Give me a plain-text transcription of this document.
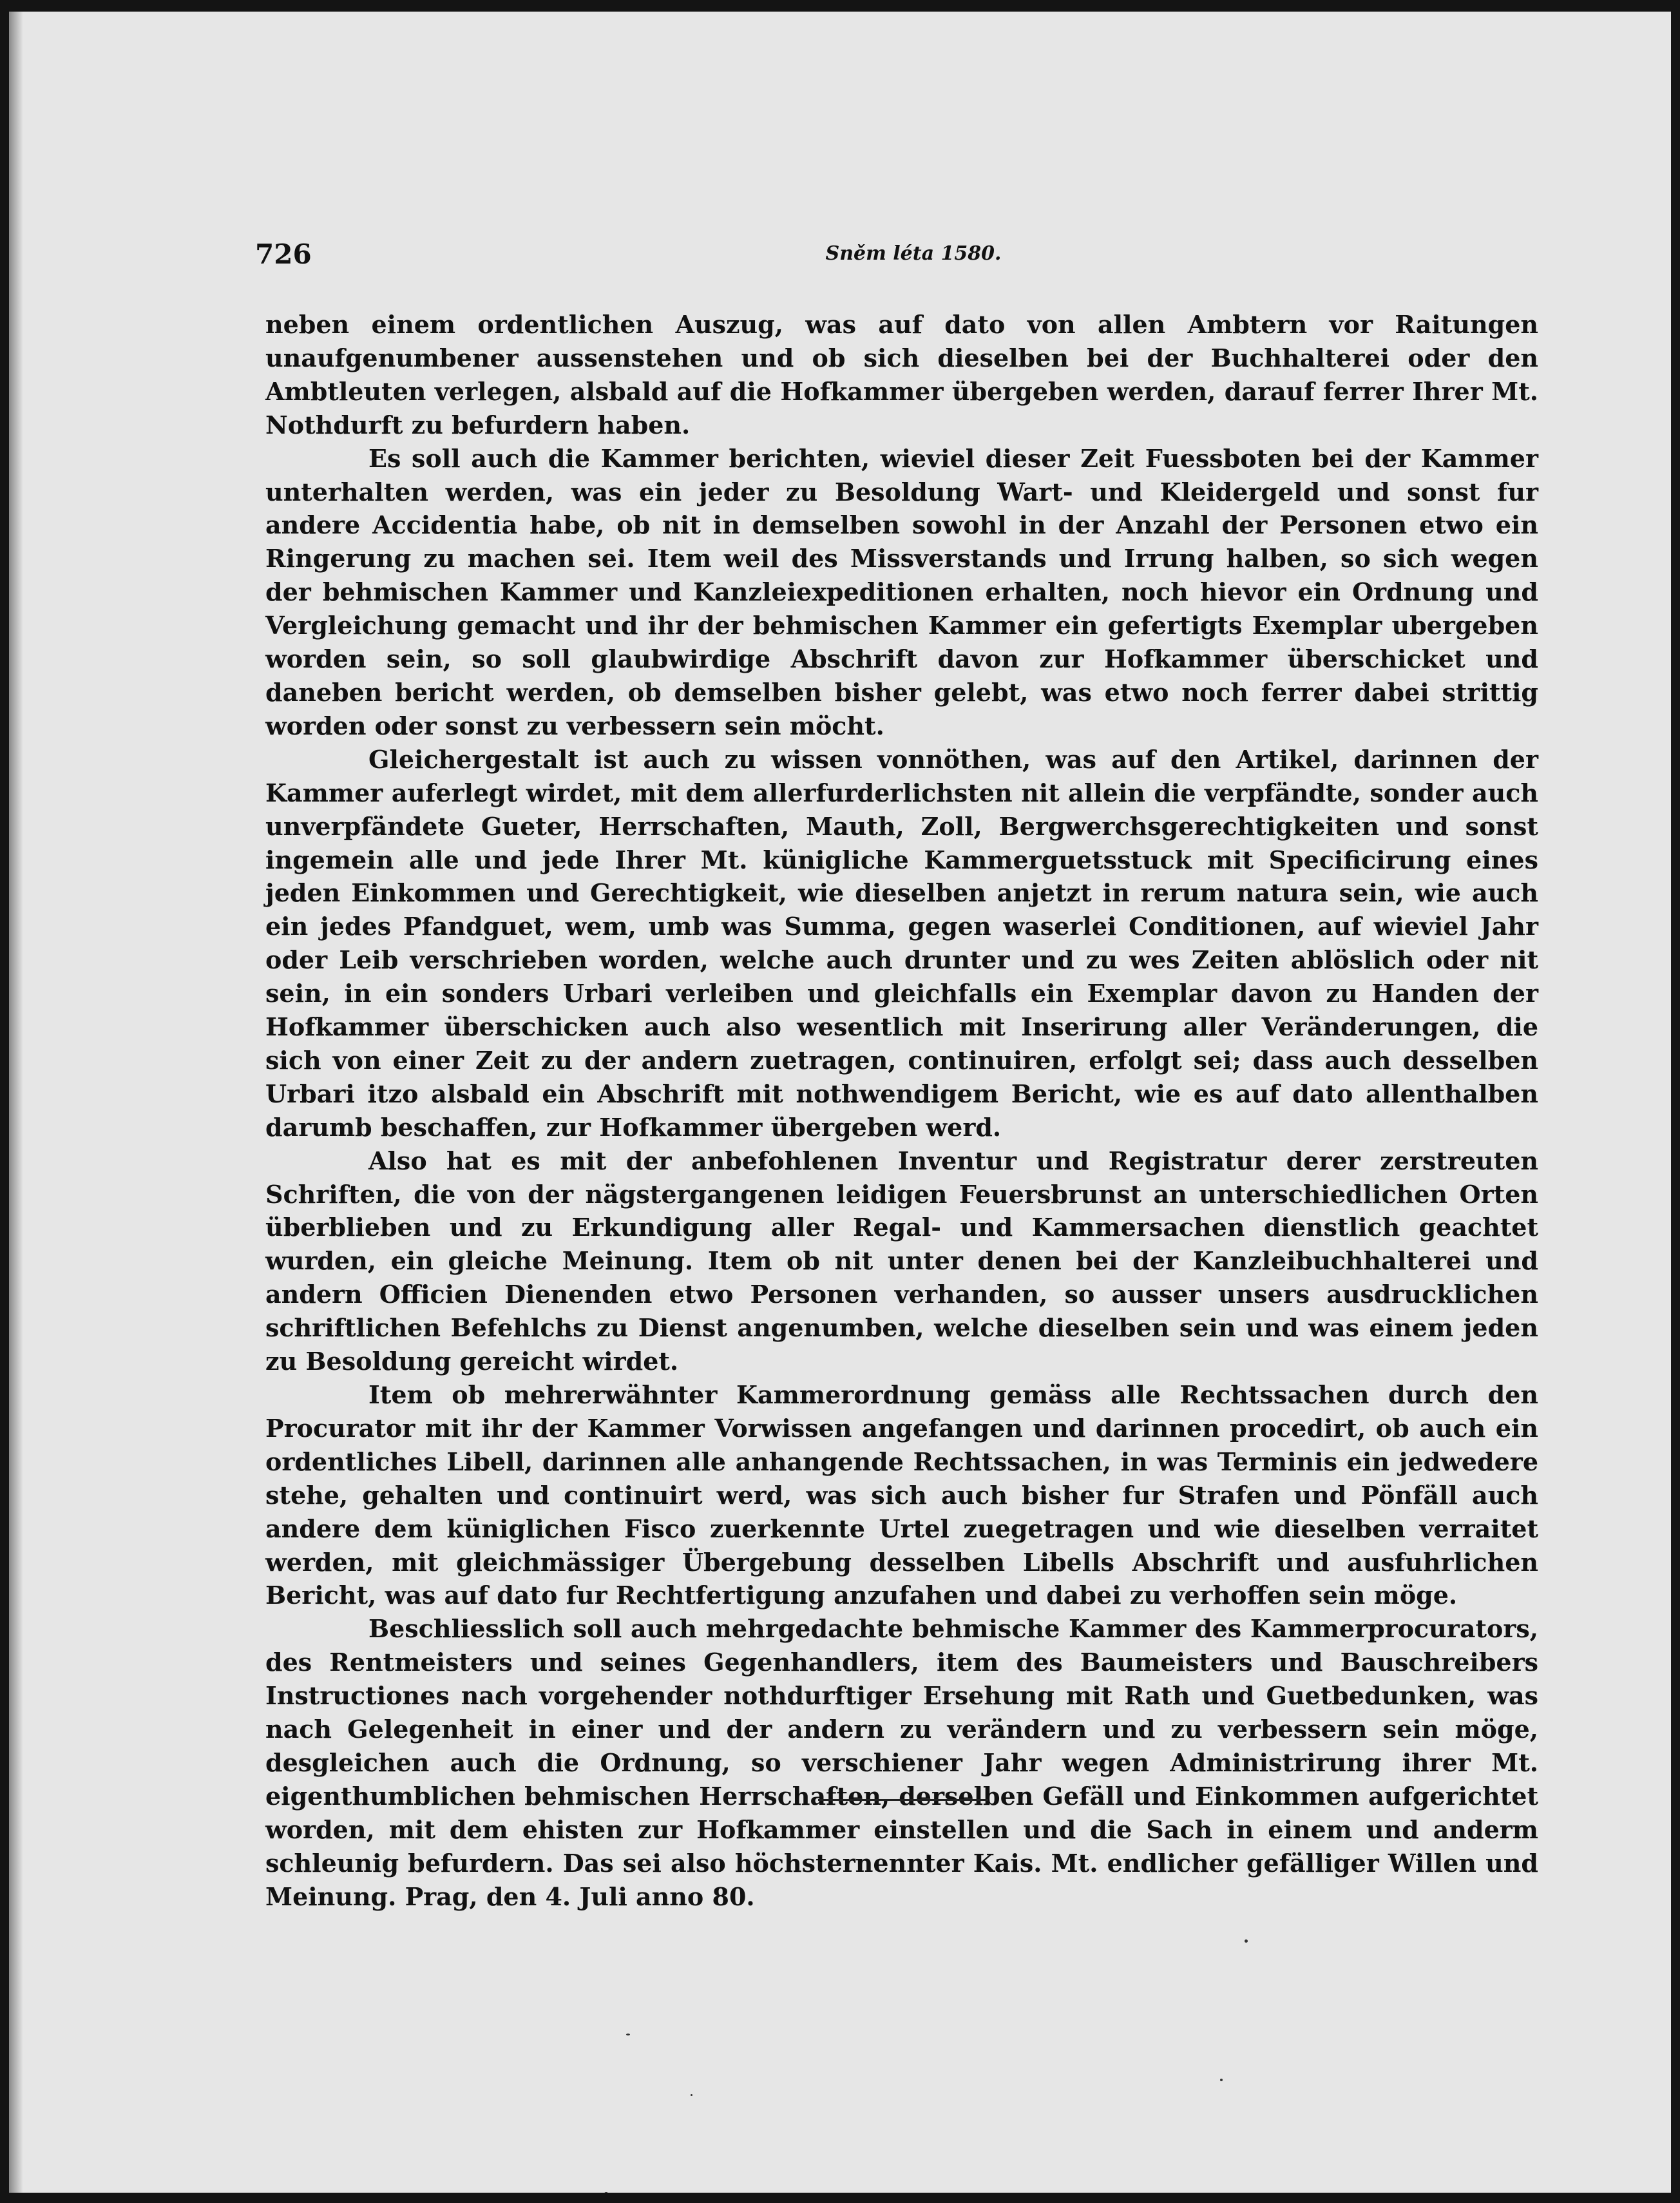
726	Sněm léta 1580.

neben einem ordentlichen Auszug, was auf dato von allen Ambtern vor Raitungen unaufgenumbener aussenstehen und ob sich dieselben bei der Buchhalterei oder den Ambtleuten verlegen, alsbald auf die Hofkammer übergeben werden, darauf ferrer Ihrer Mt. Nothdurft zu befurdern haben.

Es soll auch die Kammer berichten, wieviel dieser Zeit Fuessboten bei der Kammer unterhalten werden, was ein jeder zu Besoldung Wart- und Kleidergeld und sonst fur andere Accidentia habe, ob nit in demselben sowohl in der Anzahl der Personen etwo ein Ringerung zu machen sei. Item weil des Missverstands und Irrung halben, so sich wegen der behmischen Kammer und Kanzleiexpeditionen erhalten, noch hievor ein Ordnung und Vergleichung gemacht und ihr der behmischen Kammer ein gefertigts Exemplar ubergeben worden sein, so soll glaubwirdige Abschrift davon zur Hofkammer überschicket und daneben bericht werden, ob demselben bisher gelebt, was etwo noch ferrer dabei strittig worden oder sonst zu verbessern sein möcht.

Gleichergestalt ist auch zu wissen vonnöthen, was auf den Artikel, darinnen der Kammer auferlegt wirdet, mit dem allerfurderlichsten nit allein die verpfändte, sonder auch unverpfändete Gueter, Herrschaften, Mauth, Zoll, Bergwerchsgerechtigkeiten und sonst ingemein alle und jede Ihrer Mt. künigliche Kammerguetsstuck mit Specificirung eines jeden Einkommen und Gerechtigkeit, wie dieselben anjetzt in rerum natura sein, wie auch ein jedes Pfandguet, wem, umb was Summa, gegen waserlei Conditionen, auf wieviel Jahr oder Leib verschrieben worden, welche auch drunter und zu wes Zeiten ablöslich oder nit sein, in ein sonders Urbari verleiben und gleichfalls ein Exemplar davon zu Handen der Hofkammer überschicken auch also wesentlich mit Inserirung aller Veränderungen, die sich von einer Zeit zu der andern zuetragen, continuiren, erfolgt sei; dass auch desselben Urbari itzo alsbald ein Abschrift mit nothwendigem Bericht, wie es auf dato allenthalben darumb beschaffen, zur Hofkammer übergeben werd.

Also hat es mit der anbefohlenen Inventur und Registratur derer zerstreuten Schriften, die von der nägstergangenen leidigen Feuersbrunst an unterschiedlichen Orten überblieben und zu Erkundigung aller Regal- und Kammersachen dienstlich geachtet wurden, ein gleiche Meinung. Item ob nit unter denen bei der Kanzleibuchhalterei und andern Officien Dienenden etwo Personen verhanden, so ausser unsers ausdrucklichen schriftlichen Befehlchs zu Dienst angenumben, welche dieselben sein und was einem jeden zu Besoldung gereicht wirdet.

Item ob mehrerwähnter Kammerordnung gemäss alle Rechtssachen durch den Procurator mit ihr der Kammer Vorwissen angefangen und darinnen procedirt, ob auch ein ordentliches Libell, darinnen alle anhangende Rechtssachen, in was Terminis ein jedwedere stehe, gehalten und continuirt werd, was sich auch bisher fur Strafen und Pönfäll auch andere dem küniglichen Fisco zuerkennte Urtel zuegetragen und wie dieselben verraitet werden, mit gleichmässiger Übergebung desselben Libells Abschrift und ausfuhrlichen Bericht, was auf dato fur Rechtfertigung anzufahen und dabei zu verhoffen sein möge.

Beschliesslich soll auch mehrgedachte behmische Kammer des Kammerprocurators, des Rentmeisters und seines Gegenhandlers, item des Baumeisters und Bauschreibers Instructiones nach vorgehender nothdurftiger Ersehung mit Rath und Guetbedunken, was nach Gelegenheit in einer und der andern zu verändern und zu verbessern sein möge, desgleichen auch die Ordnung, so verschiener Jahr wegen Administrirung ihrer Mt. eigenthumblichen behmischen Herrschaften, derselben Gefäll und Einkommen aufgerichtet worden, mit dem ehisten zur Hofkammer einstellen und die Sach in einem und anderm schleunig befurdern. Das sei also höchsternennter Kais. Mt. endlicher gefälliger Willen und Meinung. Prag, den 4. Juli anno 80.
